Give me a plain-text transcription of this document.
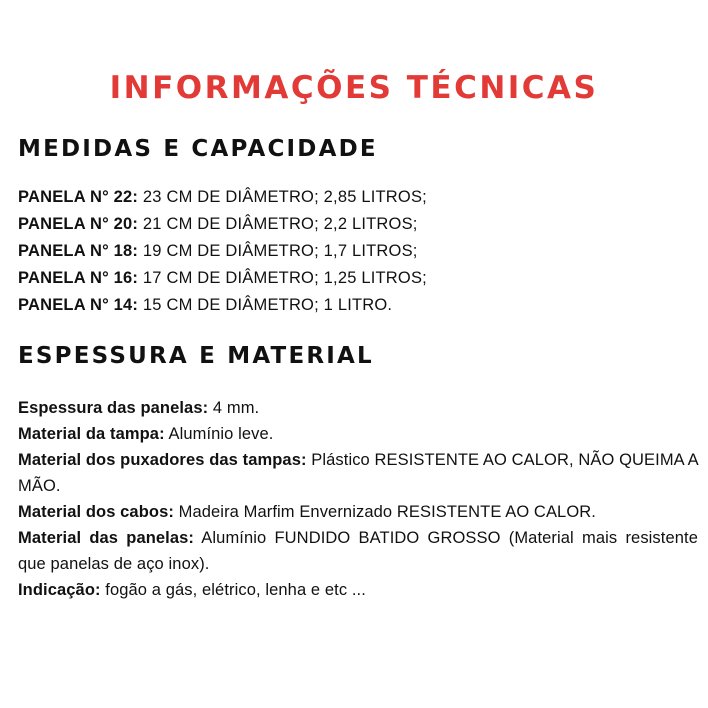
INFORMAÇÕES TÉCNICAS
MEDIDAS E CAPACIDADE
PANELA N° 22: 23 CM DE DIÂMETRO; 2,85 LITROS;
PANELA N° 20: 21 CM DE DIÂMETRO; 2,2 LITROS;
PANELA N° 18: 19 CM DE DIÂMETRO; 1,7 LITROS;
PANELA N° 16: 17 CM DE DIÂMETRO; 1,25 LITROS;
PANELA N° 14: 15 CM DE DIÂMETRO; 1 LITRO.
ESPESSURA E MATERIAL
Espessura das panelas: 4 mm.
Material da tampa: Alumínio leve.
Material dos puxadores das tampas: Plástico RESISTENTE AO CALOR, NÃO QUEIMA A MÃO.
Material dos cabos: Madeira Marfim Envernizado RESISTENTE AO CALOR.
Material das panelas: Alumínio FUNDIDO BATIDO GROSSO (Material mais resistente que panelas de aço inox).
Indicação: fogão a gás, elétrico, lenha e etc ...
